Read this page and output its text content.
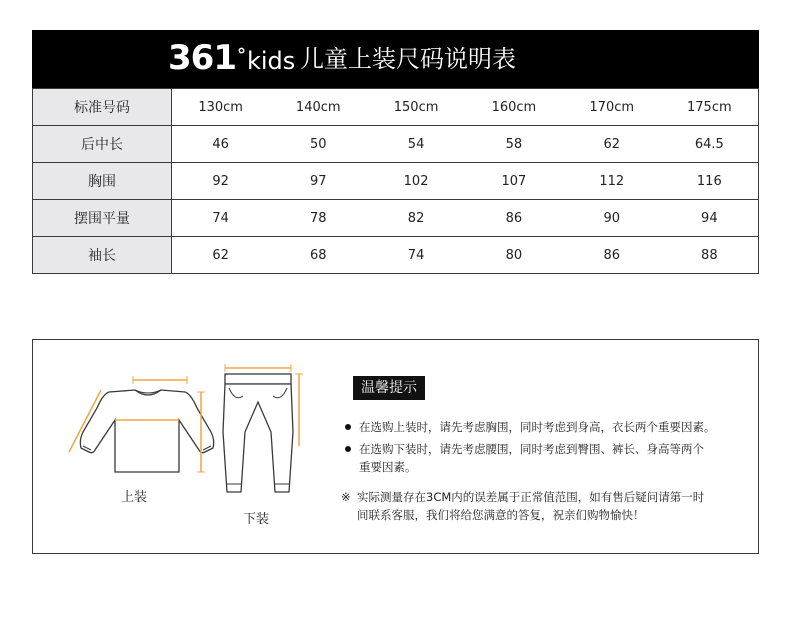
361°kids 儿童上装尺码说明表
标准号码	130cm	140cm	150cm	160cm	170cm	175cm
后中长	46	50	54	58	62	64.5
胸围	92	97	102	107	112	116
摆围平量	74	78	82	86	90	94
袖长	62	68	74	80	86	88
上装
下装
温馨提示
在选购上装时，请先考虑胸围，同时考虑到身高，衣长两个重要因素。
在选购下装时，请先考虑腰围，同时考虑到臀围、裤长、身高等两个
重要因素。
※ 实际测量存在3CM内的误差属于正常值范围，如有售后疑问请第一时
间联系客服，我们将给您满意的答复，祝亲们购物愉快！
